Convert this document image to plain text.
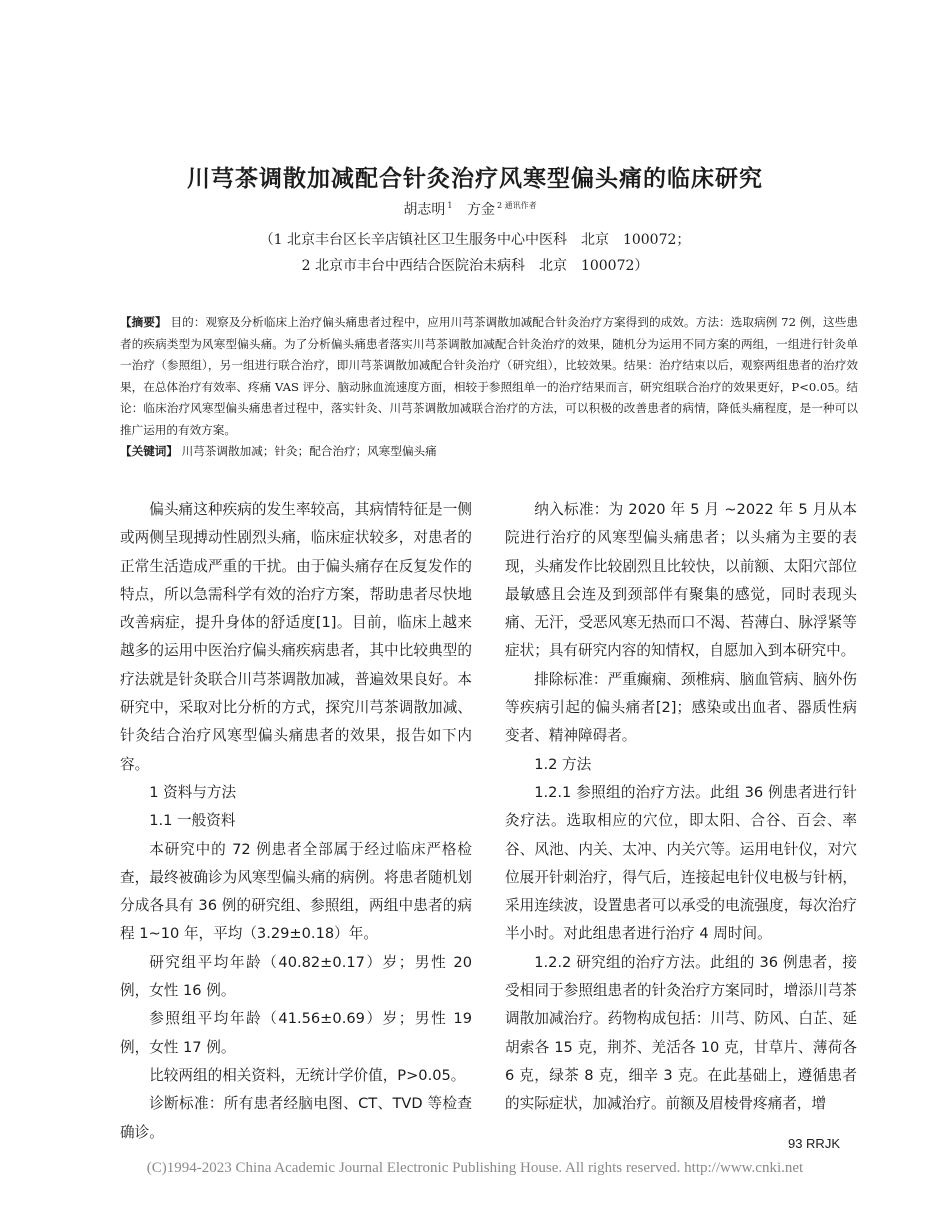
川芎茶调散加减配合针灸治疗风寒型偏头痛的临床研究
胡志明 $^1$ 方金 $^{2 通讯作者}$
（1 北京丰台区长辛店镇社区卫生服务中心中医科　北京　100072；
2 北京市丰台中西结合医院治未病科　北京　100072）

【摘要】 目的：观察及分析临床上治疗偏头痛患者过程中，应用川芎茶调散加减配合针灸治疗方案得到的成效。方法：选取病例 72 例，这些患者的疾病类型为风寒型偏头痛。为了分析偏头痛患者落实川芎茶调散加减配合针灸治疗的效果，随机分为运用不同方案的两组，一组进行针灸单一治疗（参照组），另一组进行联合治疗，即川芎茶调散加减配合针灸治疗（研究组），比较效果。结果：治疗结束以后，观察两组患者的治疗效果，在总体治疗有效率、疼痛 VAS 评分、脑动脉血流速度方面，相较于参照组单一的治疗结果而言，研究组联合治疗的效果更好，P<0.05。结论：临床治疗风寒型偏头痛患者过程中，落实针灸、川芎茶调散加减联合治疗的方法，可以积极的改善患者的病情，降低头痛程度，是一种可以推广运用的有效方案。

【关键词】 川芎茶调散加减；针灸；配合治疗；风寒型偏头痛

偏头痛这种疾病的发生率较高，其病情特征是一侧或两侧呈现搏动性剧烈头痛，临床症状较多，对患者的正常生活造成严重的干扰。由于偏头痛存在反复发作的特点，所以急需科学有效的治疗方案，帮助患者尽快地改善病症，提升身体的舒适度[1]。目前，临床上越来越多的运用中医治疗偏头痛疾病患者，其中比较典型的疗法就是针灸联合川芎茶调散加减，普遍效果良好。本研究中，采取对比分析的方式，探究川芎茶调散加减、针灸结合治疗风寒型偏头痛患者的效果，报告如下内容。

1 资料与方法
1.1 一般资料

本研究中的 72 例患者全部属于经过临床严格检查，最终被确诊为风寒型偏头痛的病例。将患者随机划分成各具有 36 例的研究组、参照组，两组中患者的病程 1~10 年，平均（3.29±0.18）年。

研究组平均年龄（40.82±0.17）岁；男性 20 例，女性 16 例。

参照组平均年龄（41.56±0.69）岁；男性 19 例，女性 17 例。

比较两组的相关资料，无统计学价值，P>0.05。

诊断标准：所有患者经脑电图、CT、TVD 等检查确诊。

纳入标准：为 2020 年 5 月 ~2022 年 5 月从本院进行治疗的风寒型偏头痛患者；以头痛为主要的表现，头痛发作比较剧烈且比较快，以前额、太阳穴部位最敏感且会连及到颈部伴有聚集的感觉，同时表现头痛、无汗，受恶风寒无热而口不渴、苔薄白、脉浮紧等症状；具有研究内容的知情权，自愿加入到本研究中。

排除标准：严重癫痫、颈椎病、脑血管病、脑外伤等疾病引起的偏头痛者[2]；感染或出血者、器质性病变者、精神障碍者。

1.2 方法

1.2.1 参照组的治疗方法。此组 36 例患者进行针灸疗法。选取相应的穴位，即太阳、合谷、百会、率谷、风池、内关、太冲、内关穴等。运用电针仪，对穴位展开针刺治疗，得气后，连接起电针仪电极与针柄，采用连续波，设置患者可以承受的电流强度，每次治疗半小时。对此组患者进行治疗 4 周时间。

1.2.2 研究组的治疗方法。此组的 36 例患者，接受相同于参照组患者的针灸治疗方案同时，增添川芎茶调散加减治疗。药物构成包括：川芎、防风、白芷、延胡索各 15 克，荆芥、羌活各 10 克，甘草片、薄荷各 6 克，绿茶 8 克，细辛 3 克。在此基础上，遵循患者的实际症状，加减治疗。前额及眉棱骨疼痛者，增

93 RRJK
(C)1994-2023 China Academic Journal Electronic Publishing House. All rights reserved. http://www.cnki.net
